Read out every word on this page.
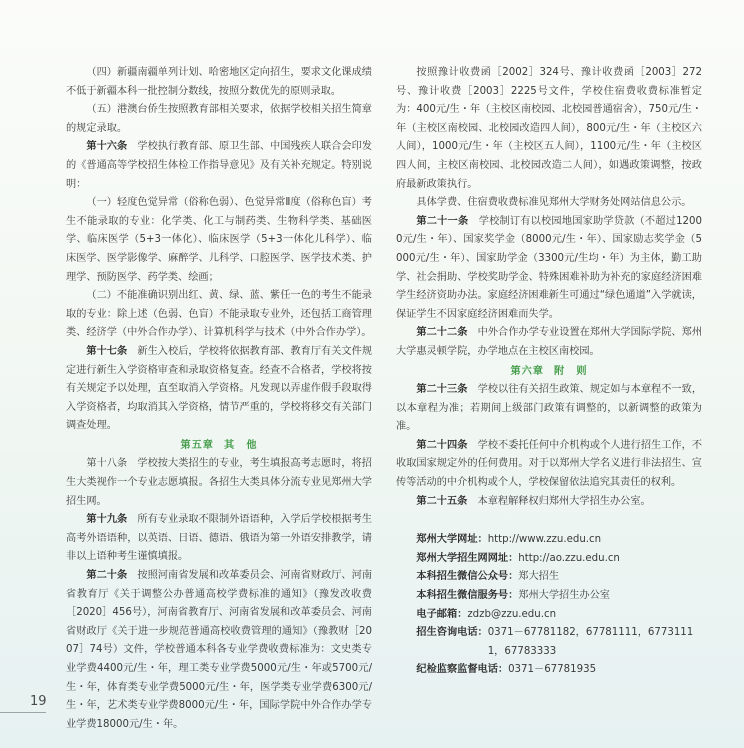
（四）新疆南疆单列计划、哈密地区定向招生，要求文化课成绩不低于新疆本科一批控制分数线，按照分数优先的原则录取。

（五）港澳台侨生按照教育部相关要求，依据学校相关招生简章的规定录取。

第十六条　 学校执行教育部、原卫生部、中国残疾人联合会印发的《普通高等学校招生体检工作指导意见》及有关补充规定。特别说明：

（一）轻度色觉异常（俗称色弱）、色觉异常Ⅱ度（俗称色盲）考生不能录取的专业：化学类、化工与制药类、生物科学类、基础医学、临床医学（5+3一体化）、临床医学（5+3一体化儿科学）、临床医学、医学影像学、麻醉学、儿科学、口腔医学、医学技术类、护理学、预防医学、药学类、绘画；

（二）不能准确识别出红、黄、绿、蓝、紫任一色的考生不能录取的专业：除上述（色弱、色盲）不能录取专业外，还包括工商管理类、经济学（中外合作办学）、计算机科学与技术（中外合作办学）。

第十七条　 新生入校后，学校将依据教育部、教育厅有关文件规定进行新生入学资格审查和录取资格复查。经查不合格者，学校将按有关规定予以处理，直至取消入学资格。凡发现以弄虚作假手段取得入学资格者，均取消其入学资格，情节严重的，学校将移交有关部门调查处理。

第五章 其　他

第十八条　学校按大类招生的专业，考生填报高考志愿时，将招生大类视作一个专业志愿填报。各招生大类具体分流专业见郑州大学招生网。

第十九条　 所有专业录取不限制外语语种，入学后学校根据考生高考外语语种，以英语、日语、德语、俄语为第一外语安排教学，请非以上语种考生谨慎填报。

第二十条　 按照河南省发展和改革委员会、河南省财政厅、河南省教育厅《关于调整公办普通高校学费标准的通知》（豫发改收费［2020］456号），河南省教育厅、河南省发展和改革委员会、河南省财政厅《关于进一步规范普通高校收费管理的通知》（豫教财［2007］74号）文件，学校普通本科各专业学费收费标准为：文史类专业学费4400元/生・年，理工类专业学费5000元/生・年或5700元/生・年，体育类专业学费5000元/生・年，医学类专业学费6300元/生・年，艺术类专业学费8000元/生・年，国际学院中外合作办学专业学费18000元/生・年。

按照豫计收费函［2002］324号、豫计收费函［2003］272号、豫计收费［2003］2225号文件，学校住宿费收费标准暂定为：400元/生・年（主校区南校园、北校园普通宿舍），750元/生・年（主校区南校园、北校园改造四人间），800元/生・年（主校区六人间），1000元/生・年（主校区五人间），1100元/生・年（主校区四人间，主校区南校园、北校园改造二人间），如遇政策调整，按政府最新政策执行。

具体学费、住宿费收费标准见郑州大学财务处网站信息公示。

第二十一条　 学校制订有以校园地国家助学贷款（不超过12000元/生・年）、国家奖学金（8000元/生・年）、国家励志奖学金（5000元/生・年）、国家助学金（3300元/生均・年）为主体，勤工助学、社会捐助、学校奖助学金、特殊困难补助为补充的家庭经济困难学生经济资助办法。家庭经济困难新生可通过“绿色通道”入学就读，保证学生不因家庭经济困难而失学。

第二十二条　 中外合作办学专业设置在郑州大学国际学院、郑州大学惠灵顿学院，办学地点在主校区南校园。

第六章 附　则

第二十三条　 学校以往有关招生政策、规定如与本章程不一致，以本章程为准；若期间上级部门政策有调整的，以新调整的政策为准。

第二十四条　 学校不委托任何中介机构或个人进行招生工作，不收取国家规定外的任何费用。对于以郑州大学名义进行非法招生、宣传等活动的中介机构或个人，学校保留依法追究其责任的权利。

第二十五条　 本章程解释权归郑州大学招生办公室。

郑州大学网址： http://www.zzu.edu.cn

郑州大学招生网网址： http://ao.zzu.edu.cn

本科招生微信公众号： 郑大招生

本科招生微信服务号： 郑州大学招生办公室

电子邮箱： zdzb@zzu.edu.cn

招生咨询电话： 0371－67781182，67781111，67731111，67783333

纪检监察监督电话： 0371－67781935

19
